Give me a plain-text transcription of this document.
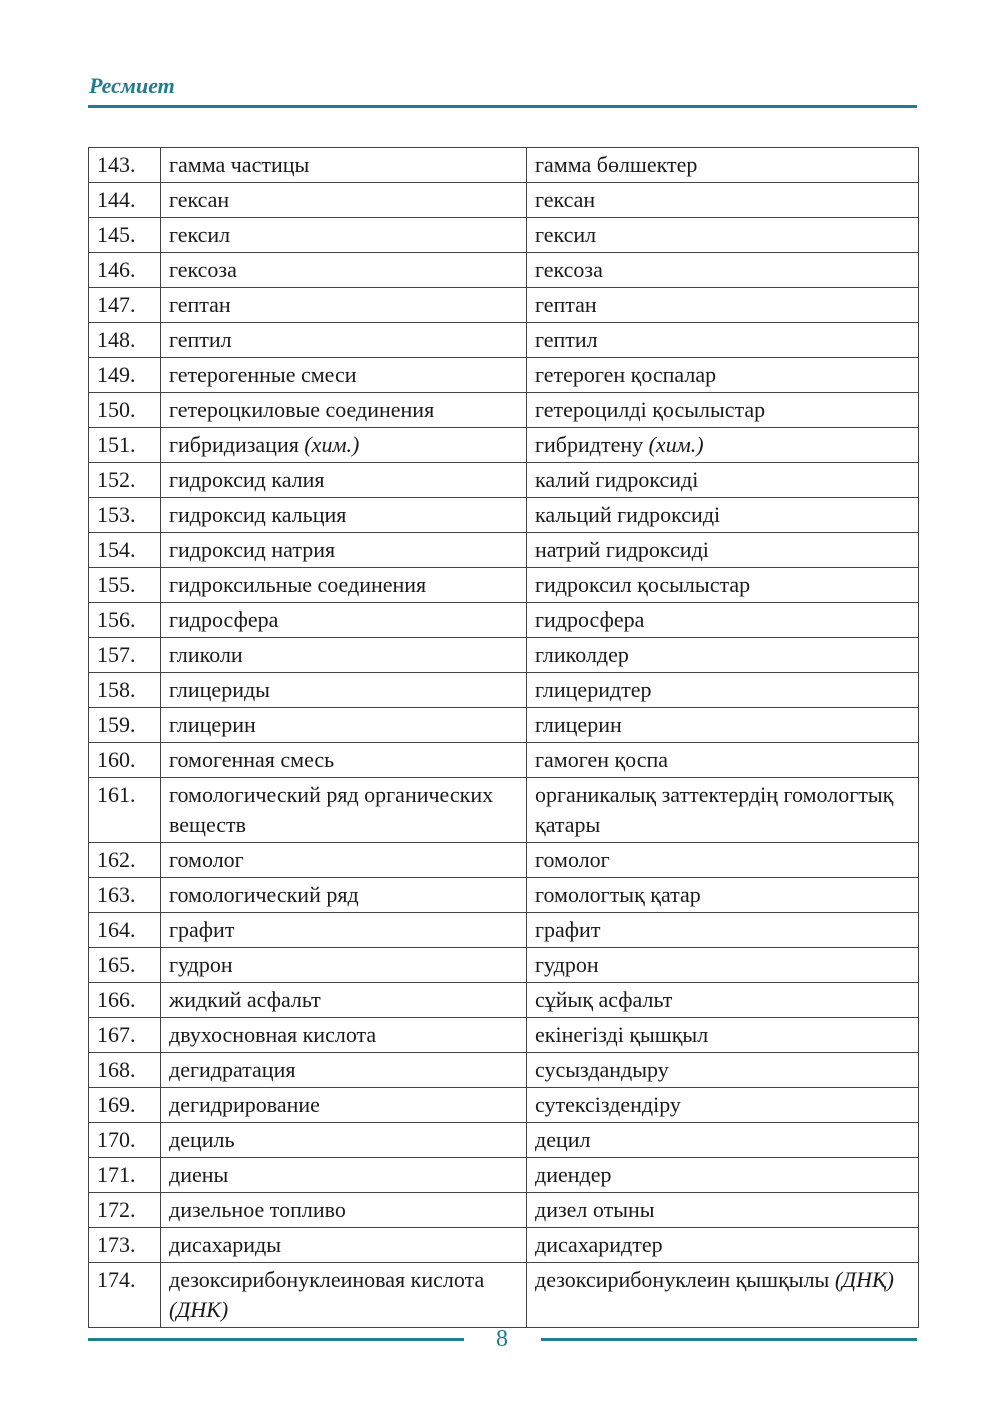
Ресмиет
143.	гамма частицы	гамма бөлшектер
144.	гексан	гексан
145.	гексил	гексил
146.	гексоза	гексоза
147.	гептан	гептан
148.	гептил	гептил
149.	гетерогенные смеси	гетероген қоспалар
150.	гетероцкиловые соединения	гетероцилді қосылыстар
151.	гибридизация (хим.)	гибридтену (хим.)
152.	гидроксид калия	калий гидроксиді
153.	гидроксид кальция	кальций гидроксиді
154.	гидроксид натрия	натрий гидроксиді
155.	гидроксильные соединения	гидроксил қосылыстар
156.	гидросфера	гидросфера
157.	гликоли	гликолдер
158.	глицериды	глицеридтер
159.	глицерин	глицерин
160.	гомогенная смесь	гамоген қоспа
161.	гомологический ряд органических веществ	органикалық заттектердің гомологтық қатары
162.	гомолог	гомолог
163.	гомологический ряд	гомологтық қатар
164.	графит	графит
165.	гудрон	гудрон
166.	жидкий асфальт	сұйық асфальт
167.	двухосновная кислота	екінегізді қышқыл
168.	дегидратация	сусыздандыру
169.	дегидрирование	сутексіздендіру
170.	дециль	децил
171.	диены	диендер
172.	дизельное топливо	дизел отыны
173.	дисахариды	дисахаридтер
174.	дезоксирибонуклеиновая кислота (ДНК)	дезоксирибонуклеин қышқылы (ДНҚ)
8
